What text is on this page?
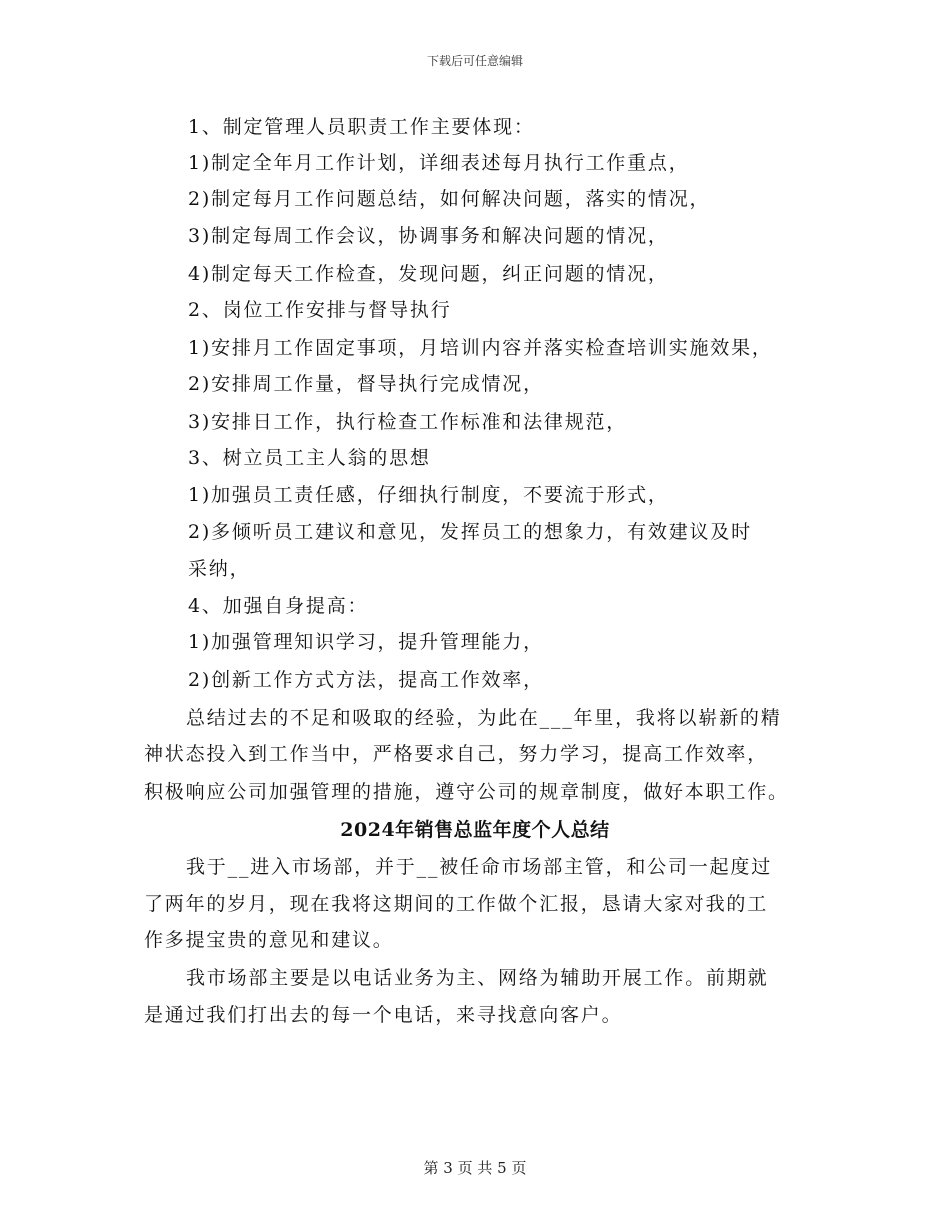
下载后可任意编辑
1、制定管理人员职责工作主要体现：
1)制定全年月工作计划，详细表述每月执行工作重点，
2)制定每月工作问题总结，如何解决问题，落实的情况，
3)制定每周工作会议，协调事务和解决问题的情况，
4)制定每天工作检查，发现问题，纠正问题的情况，
2、岗位工作安排与督导执行
1)安排月工作固定事项，月培训内容并落实检查培训实施效果，
2)安排周工作量，督导执行完成情况，
3)安排日工作，执行检查工作标准和法律规范，
3、树立员工主人翁的思想
1)加强员工责任感，仔细执行制度，不要流于形式，
2)多倾听员工建议和意见，发挥员工的想象力，有效建议及时
采纳，
4、加强自身提高：
1)加强管理知识学习，提升管理能力，
2)创新工作方式方法，提高工作效率，
总结过去的不足和吸取的经验，为此在___年里，我将以崭新的精
神状态投入到工作当中，严格要求自己，努力学习，提高工作效率，
积极响应公司加强管理的措施，遵守公司的规章制度，做好本职工作。
2024年销售总监年度个人总结
我于__进入市场部，并于__被任命市场部主管，和公司一起度过
了两年的岁月，现在我将这期间的工作做个汇报，恳请大家对我的工
作多提宝贵的意见和建议。
我市场部主要是以电话业务为主、网络为辅助开展工作。前期就
是通过我们打出去的每一个电话，来寻找意向客户。
第 3 页 共 5 页
